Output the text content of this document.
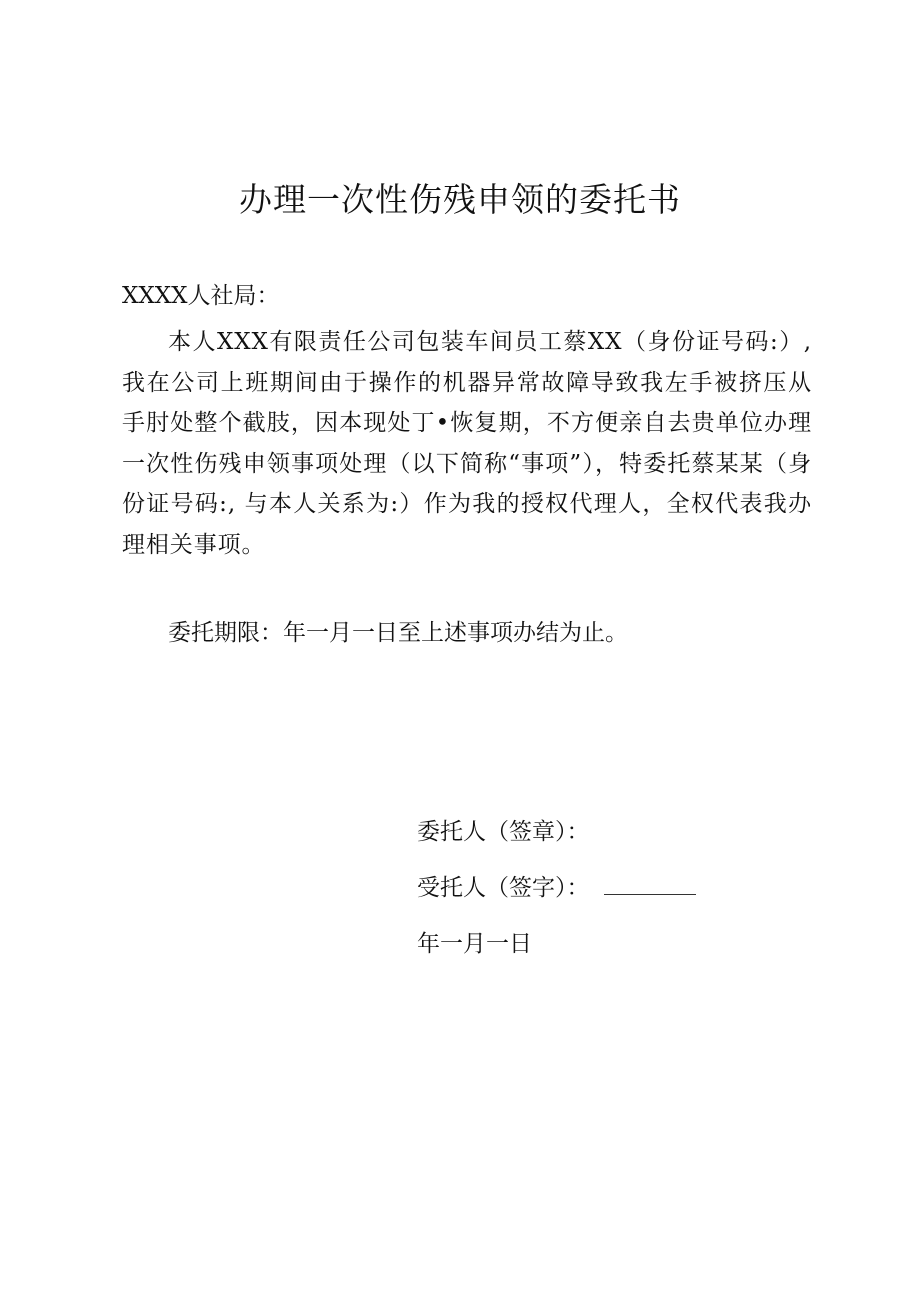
办理一次性伤残申领的委托书

XXXX人社局：

本人XXX有限责任公司包装车间员工蔡XX（身份证号码:）, 我在公司上班期间由于操作的机器异常故障导致我左手被挤压从手肘处整个截肢，因本现处丁•恢复期，不方便亲自去贵单位办理一次性伤残申领事项处理（以下简称“事项”），特委托蔡某某（身份证号码:, 与本人关系为:）作为我的授权代理人，全权代表我办理相关事项。

委托期限：年一月一日至上述事项办结为止。

委托人（签章）：
受托人（签字）：
年一月一日
